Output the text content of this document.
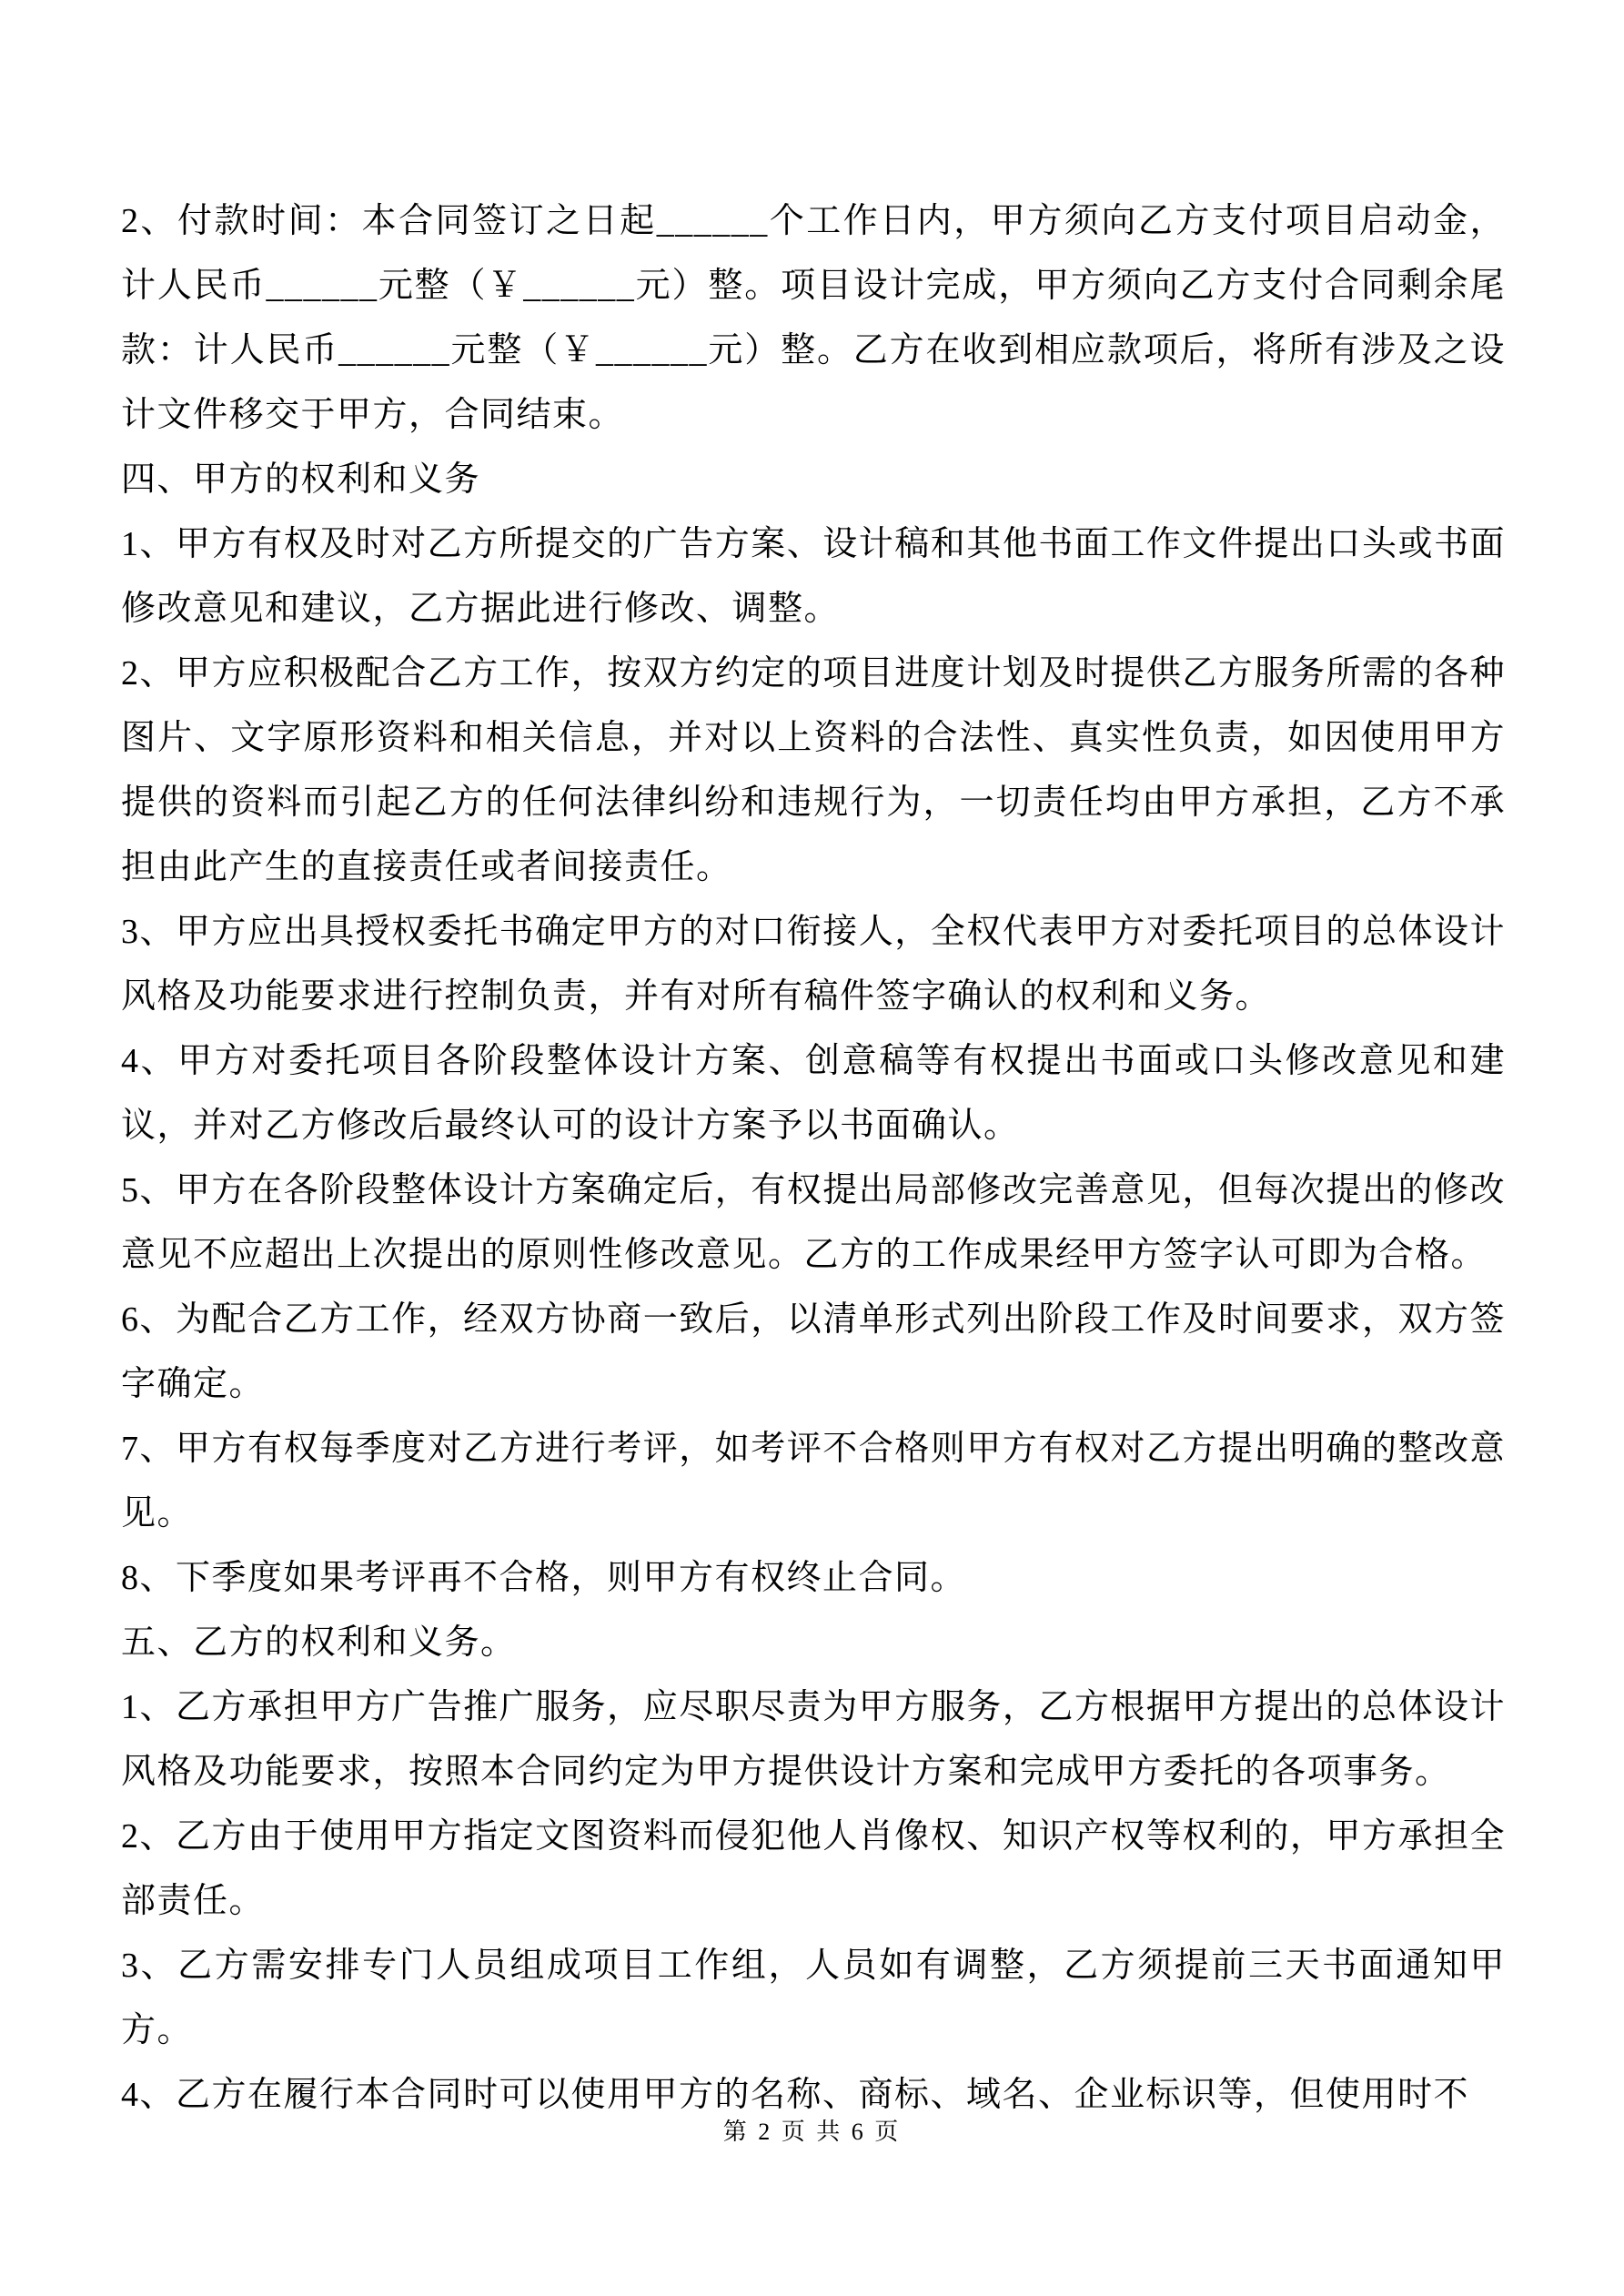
2、付款时间：本合同签订之日起______个工作日内，甲方须向乙方支付项目启动金，计人民币______元整（￥______元）整。项目设计完成，甲方须向乙方支付合同剩余尾款：计人民币______元整（￥______元）整。乙方在收到相应款项后，将所有涉及之设计文件移交于甲方，合同结束。

四、甲方的权利和义务

1、甲方有权及时对乙方所提交的广告方案、设计稿和其他书面工作文件提出口头或书面修改意见和建议，乙方据此进行修改、调整。

2、甲方应积极配合乙方工作，按双方约定的项目进度计划及时提供乙方服务所需的各种图片、文字原形资料和相关信息，并对以上资料的合法性、真实性负责，如因使用甲方提供的资料而引起乙方的任何法律纠纷和违规行为，一切责任均由甲方承担，乙方不承担由此产生的直接责任或者间接责任。

3、甲方应出具授权委托书确定甲方的对口衔接人，全权代表甲方对委托项目的总体设计风格及功能要求进行控制负责，并有对所有稿件签字确认的权利和义务。

4、甲方对委托项目各阶段整体设计方案、创意稿等有权提出书面或口头修改意见和建议，并对乙方修改后最终认可的设计方案予以书面确认。

5、甲方在各阶段整体设计方案确定后，有权提出局部修改完善意见，但每次提出的修改意见不应超出上次提出的原则性修改意见。乙方的工作成果经甲方签字认可即为合格。

6、为配合乙方工作，经双方协商一致后，以清单形式列出阶段工作及时间要求，双方签字确定。

7、甲方有权每季度对乙方进行考评，如考评不合格则甲方有权对乙方提出明确的整改意见。

8、下季度如果考评再不合格，则甲方有权终止合同。

五、乙方的权利和义务。

1、乙方承担甲方广告推广服务，应尽职尽责为甲方服务，乙方根据甲方提出的总体设计风格及功能要求，按照本合同约定为甲方提供设计方案和完成甲方委托的各项事务。

2、乙方由于使用甲方指定文图资料而侵犯他人肖像权、知识产权等权利的，甲方承担全部责任。

3、乙方需安排专门人员组成项目工作组，人员如有调整，乙方须提前三天书面通知甲方。

4、乙方在履行本合同时可以使用甲方的名称、商标、域名、企业标识等，但使用时不

第 2 页 共 6 页
